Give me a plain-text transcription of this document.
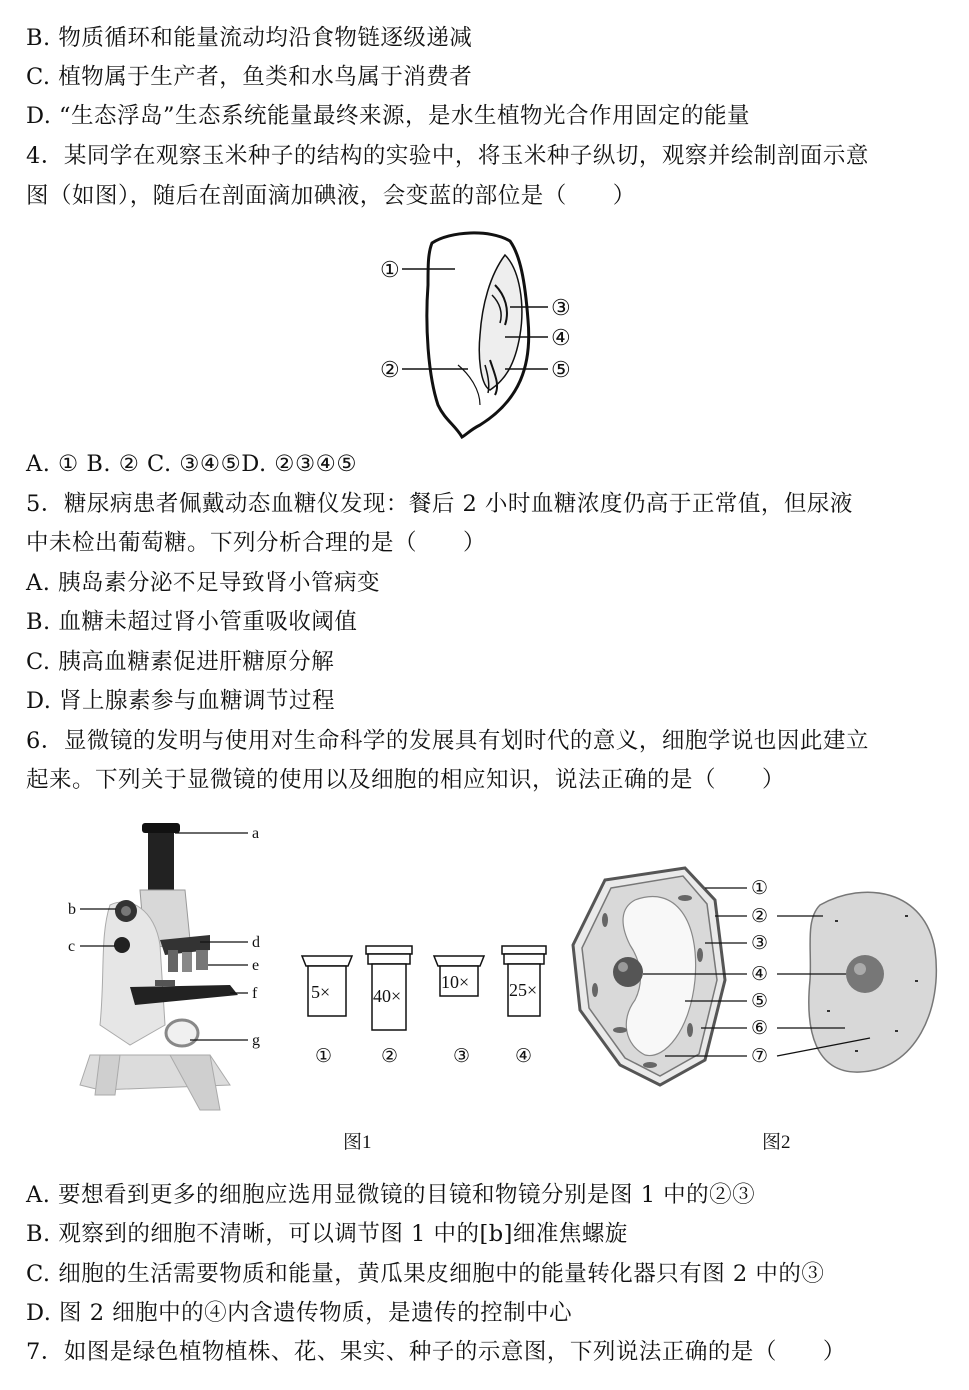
B. 物质循环和能量流动均沿食物链逐级递减
C. 植物属于生产者，鱼类和水鸟属于消费者
D. “生态浮岛”生态系统能量最终来源，是水生植物光合作用固定的能量
4．某同学在观察玉米种子的结构的实验中，将玉米种子纵切，观察并绘制剖面示意
图（如图），随后在剖面滴加碘液，会变蓝的部位是（　　）
①
②
③
④
⑤
A. ① B. ② C. ③④⑤D. ②③④⑤
5．糖尿病患者佩戴动态血糖仪发现：餐后 2 小时血糖浓度仍高于正常值，但尿液
中未检出葡萄糖。下列分析合理的是（　　）
A. 胰岛素分泌不足导致肾小管病变
B. 血糖未超过肾小管重吸收阈值
C. 胰高血糖素促进肝糖原分解
D. 肾上腺素参与血糖调节过程
6．显微镜的发明与使用对生命科学的发展具有划时代的意义，细胞学说也因此建立
起来。下列关于显微镜的使用以及细胞的相应知识，说法正确的是（　　）
a
b
c	d
e
f
g
5×
①
40×
②
10×
③
25×
④
①
②
③
④
⑤
⑥
⑦
图1	图2
A. 要想看到更多的细胞应选用显微镜的目镜和物镜分别是图 1 中的②③
B. 观察到的细胞不清晰，可以调节图 1 中的[b]细准焦螺旋
C. 细胞的生活需要物质和能量，黄瓜果皮细胞中的能量转化器只有图 2 中的③
D. 图 2 细胞中的④内含遗传物质，是遗传的控制中心
7．如图是绿色植物植株、花、果实、种子的示意图，下列说法正确的是（　　）
